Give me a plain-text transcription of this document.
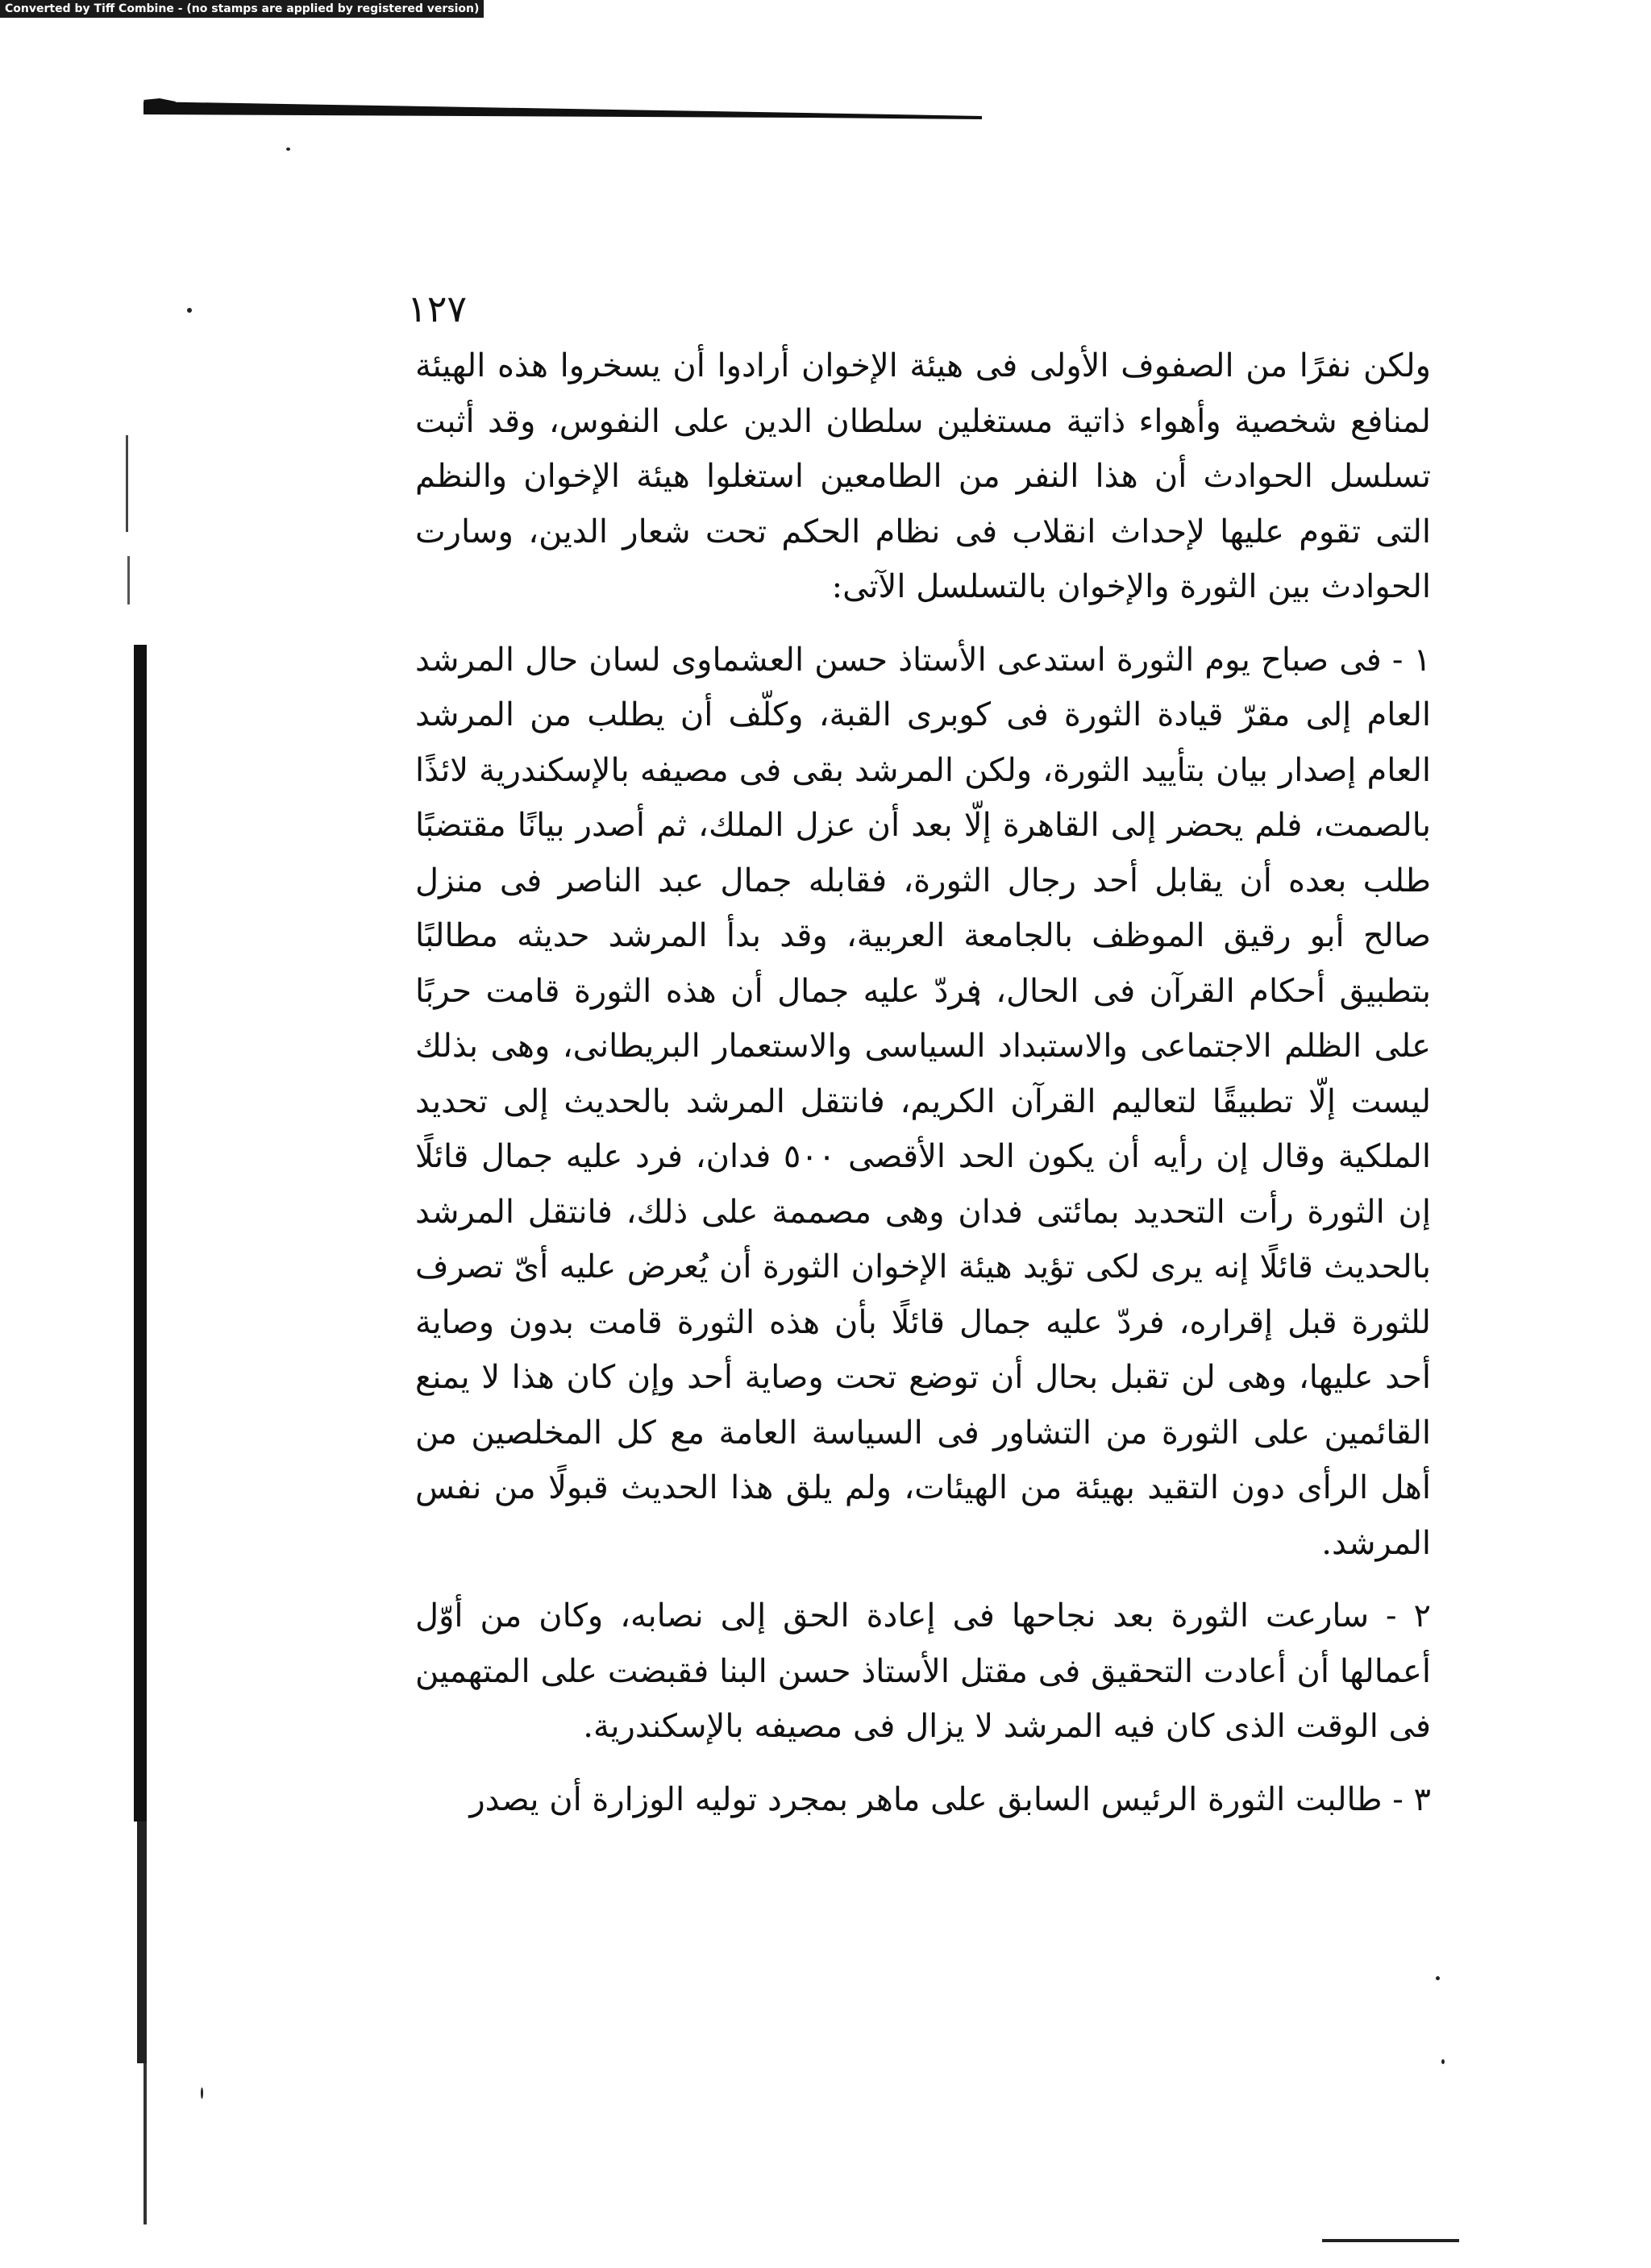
Converted by Tiff Combine - (no stamps are applied by registered version)
١٢٧

ولكن نفرًا من الصفوف الأولى فى هيئة الإخوان أرادوا أن يسخروا هذه الهيئة لمنافع شخصية وأهواء ذاتية مستغلين سلطان الدين على النفوس، وقد أثبت تسلسل الحوادث أن هذا النفر من الطامعين استغلوا هيئة الإخوان والنظم التى تقوم عليها لإحداث انقلاب فى نظام الحكم تحت شعار الدين، وسارت الحوادث بين الثورة والإخوان بالتسلسل الآتى:

١ - فى صباح يوم الثورة استدعى الأستاذ حسن العشماوى لسان حال المرشد العام إلى مقرّ قيادة الثورة فى كوبرى القبة، وكلّف أن يطلب من المرشد العام إصدار بيان بتأييد الثورة، ولكن المرشد بقى فى مصيفه بالإسكندرية لائذًا بالصمت، فلم يحضر إلى القاهرة إلّا بعد أن عزل الملك، ثم أصدر بيانًا مقتضبًا طلب بعده أن يقابل أحد رجال الثورة، فقابله جمال عبد الناصر فى منزل صالح أبو رقيق الموظف بالجامعة العربية، وقد بدأ المرشد حديثه مطالبًا بتطبيق أحكام القرآن فى الحال، فردّ عليه جمال أن هذه الثورة قامت حربًا على الظلم الاجتماعى والاستبداد السياسى والاستعمار البريطانى، وهى بذلك ليست إلّا تطبيقًا لتعاليم القرآن الكريم، فانتقل المرشد بالحديث إلى تحديد الملكية وقال إن رأيه أن يكون الحد الأقصى ٥٠٠ فدان، فرد عليه جمال قائلًا إن الثورة رأت التحديد بمائتى فدان وهى مصممة على ذلك، فانتقل المرشد بالحديث قائلًا إنه يرى لكى تؤيد هيئة الإخوان الثورة أن يُعرض عليه أىّ تصرف للثورة قبل إقراره، فردّ عليه جمال قائلًا بأن هذه الثورة قامت بدون وصاية أحد عليها، وهى لن تقبل بحال أن توضع تحت وصاية أحد وإن كان هذا لا يمنع القائمين على الثورة من التشاور فى السياسة العامة مع كل المخلصين من أهل الرأى دون التقيد بهيئة من الهيئات، ولم يلق هذا الحديث قبولًا من نفس المرشد.

٢ - سارعت الثورة بعد نجاحها فى إعادة الحق إلى نصابه، وكان من أوّل أعمالها أن أعادت التحقيق فى مقتل الأستاذ حسن البنا فقبضت على المتهمين فى الوقت الذى كان فيه المرشد لا يزال فى مصيفه بالإسكندرية.

٣ - طالبت الثورة الرئيس السابق على ماهر بمجرد توليه الوزارة أن يصدر
